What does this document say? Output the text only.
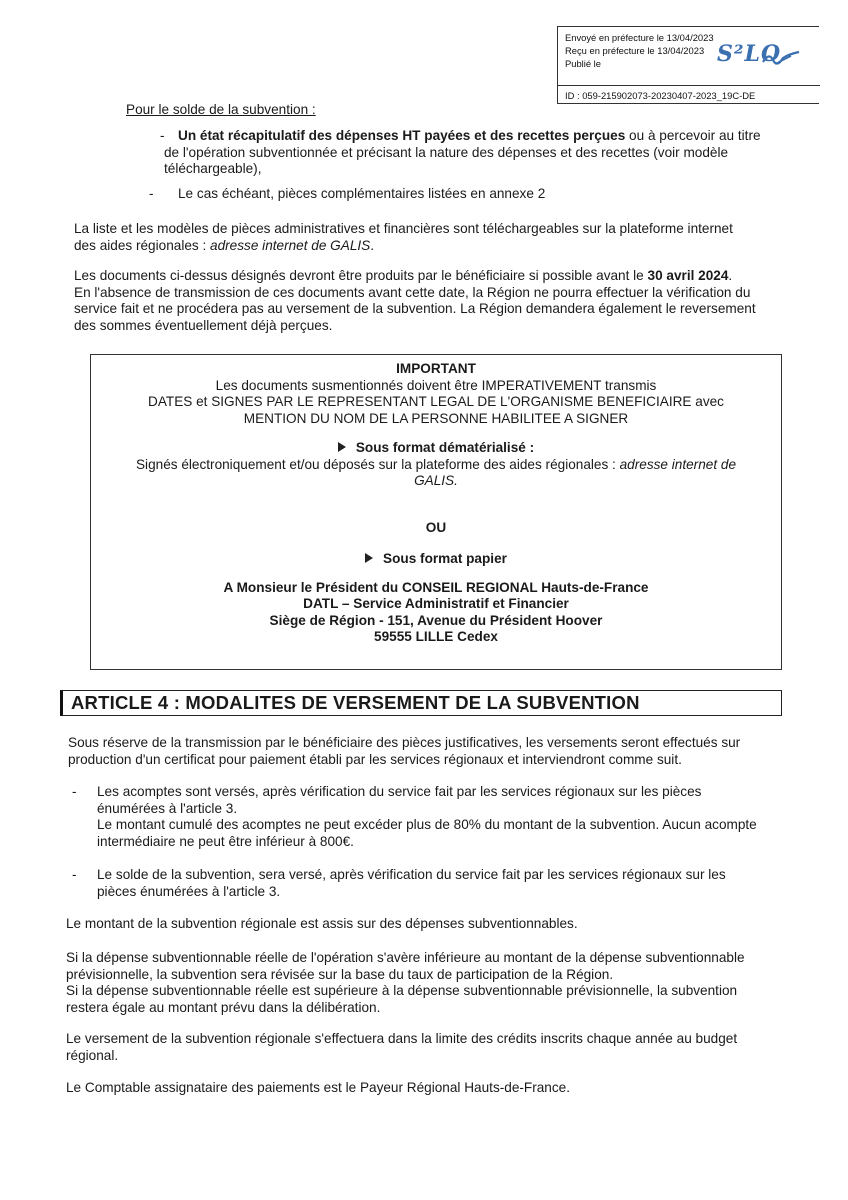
Envoyé en préfecture le 13/04/2023
Reçu en préfecture le 13/04/2023
Publié le
ID : 059-215902073-20230407-2023_19C-DE
S²LO
Pour le solde de la subvention :
- Un état récapitulatif des dépenses HT payées et des recettes perçues ou à percevoir au titre

de l'opération subventionnée et précisant la nature des dépenses et des recettes (voir modèle

téléchargeable),

- Le cas échéant, pièces complémentaires listées en annexe 2

La liste et les modèles de pièces administratives et financières sont téléchargeables sur la plateforme internet

des aides régionales : adresse internet de GALIS.

Les documents ci-dessus désignés devront être produits par le bénéficiaire si possible avant le 30 avril 2024.

En l'absence de transmission de ces documents avant cette date, la Région ne pourra effectuer la vérification du

service fait et ne procédera pas au versement de la subvention. La Région demandera également le reversement

des sommes éventuellement déjà perçues.

IMPORTANT

Les documents susmentionnés doivent être IMPERATIVEMENT transmis

DATES et SIGNES PAR LE REPRESENTANT LEGAL DE L'ORGANISME BENEFICIAIRE avec

MENTION DU NOM DE LA PERSONNE HABILITEE A SIGNER

Sous format dématérialisé :

Signés électroniquement et/ou déposés sur la plateforme des aides régionales : adresse internet de

GALIS.

OU

Sous format papier

A Monsieur le Président du CONSEIL REGIONAL Hauts-de-France

DATL – Service Administratif et Financier

Siège de Région - 151, Avenue du Président Hoover

59555 LILLE Cedex

ARTICLE 4 : MODALITES DE VERSEMENT DE LA SUBVENTION

Sous réserve de la transmission par le bénéficiaire des pièces justificatives, les versements seront effectués sur

production d'un certificat pour paiement établi par les services régionaux et interviendront comme suit.

- Les acomptes sont versés, après vérification du service fait par les services régionaux sur les pièces

énumérées à l'article 3.

Le montant cumulé des acomptes ne peut excéder plus de 80% du montant de la subvention. Aucun acompte

intermédiaire ne peut être inférieur à 800€.

- Le solde de la subvention, sera versé, après vérification du service fait par les services régionaux sur les

pièces énumérées à l'article 3.

Le montant de la subvention régionale est assis sur des dépenses subventionnables.

Si la dépense subventionnable réelle de l'opération s'avère inférieure au montant de la dépense subventionnable

prévisionnelle, la subvention sera révisée sur la base du taux de participation de la Région.

Si la dépense subventionnable réelle est supérieure à la dépense subventionnable prévisionnelle, la subvention

restera égale au montant prévu dans la délibération.

Le versement de la subvention régionale s'effectuera dans la limite des crédits inscrits chaque année au budget

régional.

Le Comptable assignataire des paiements est le Payeur Régional Hauts-de-France.
